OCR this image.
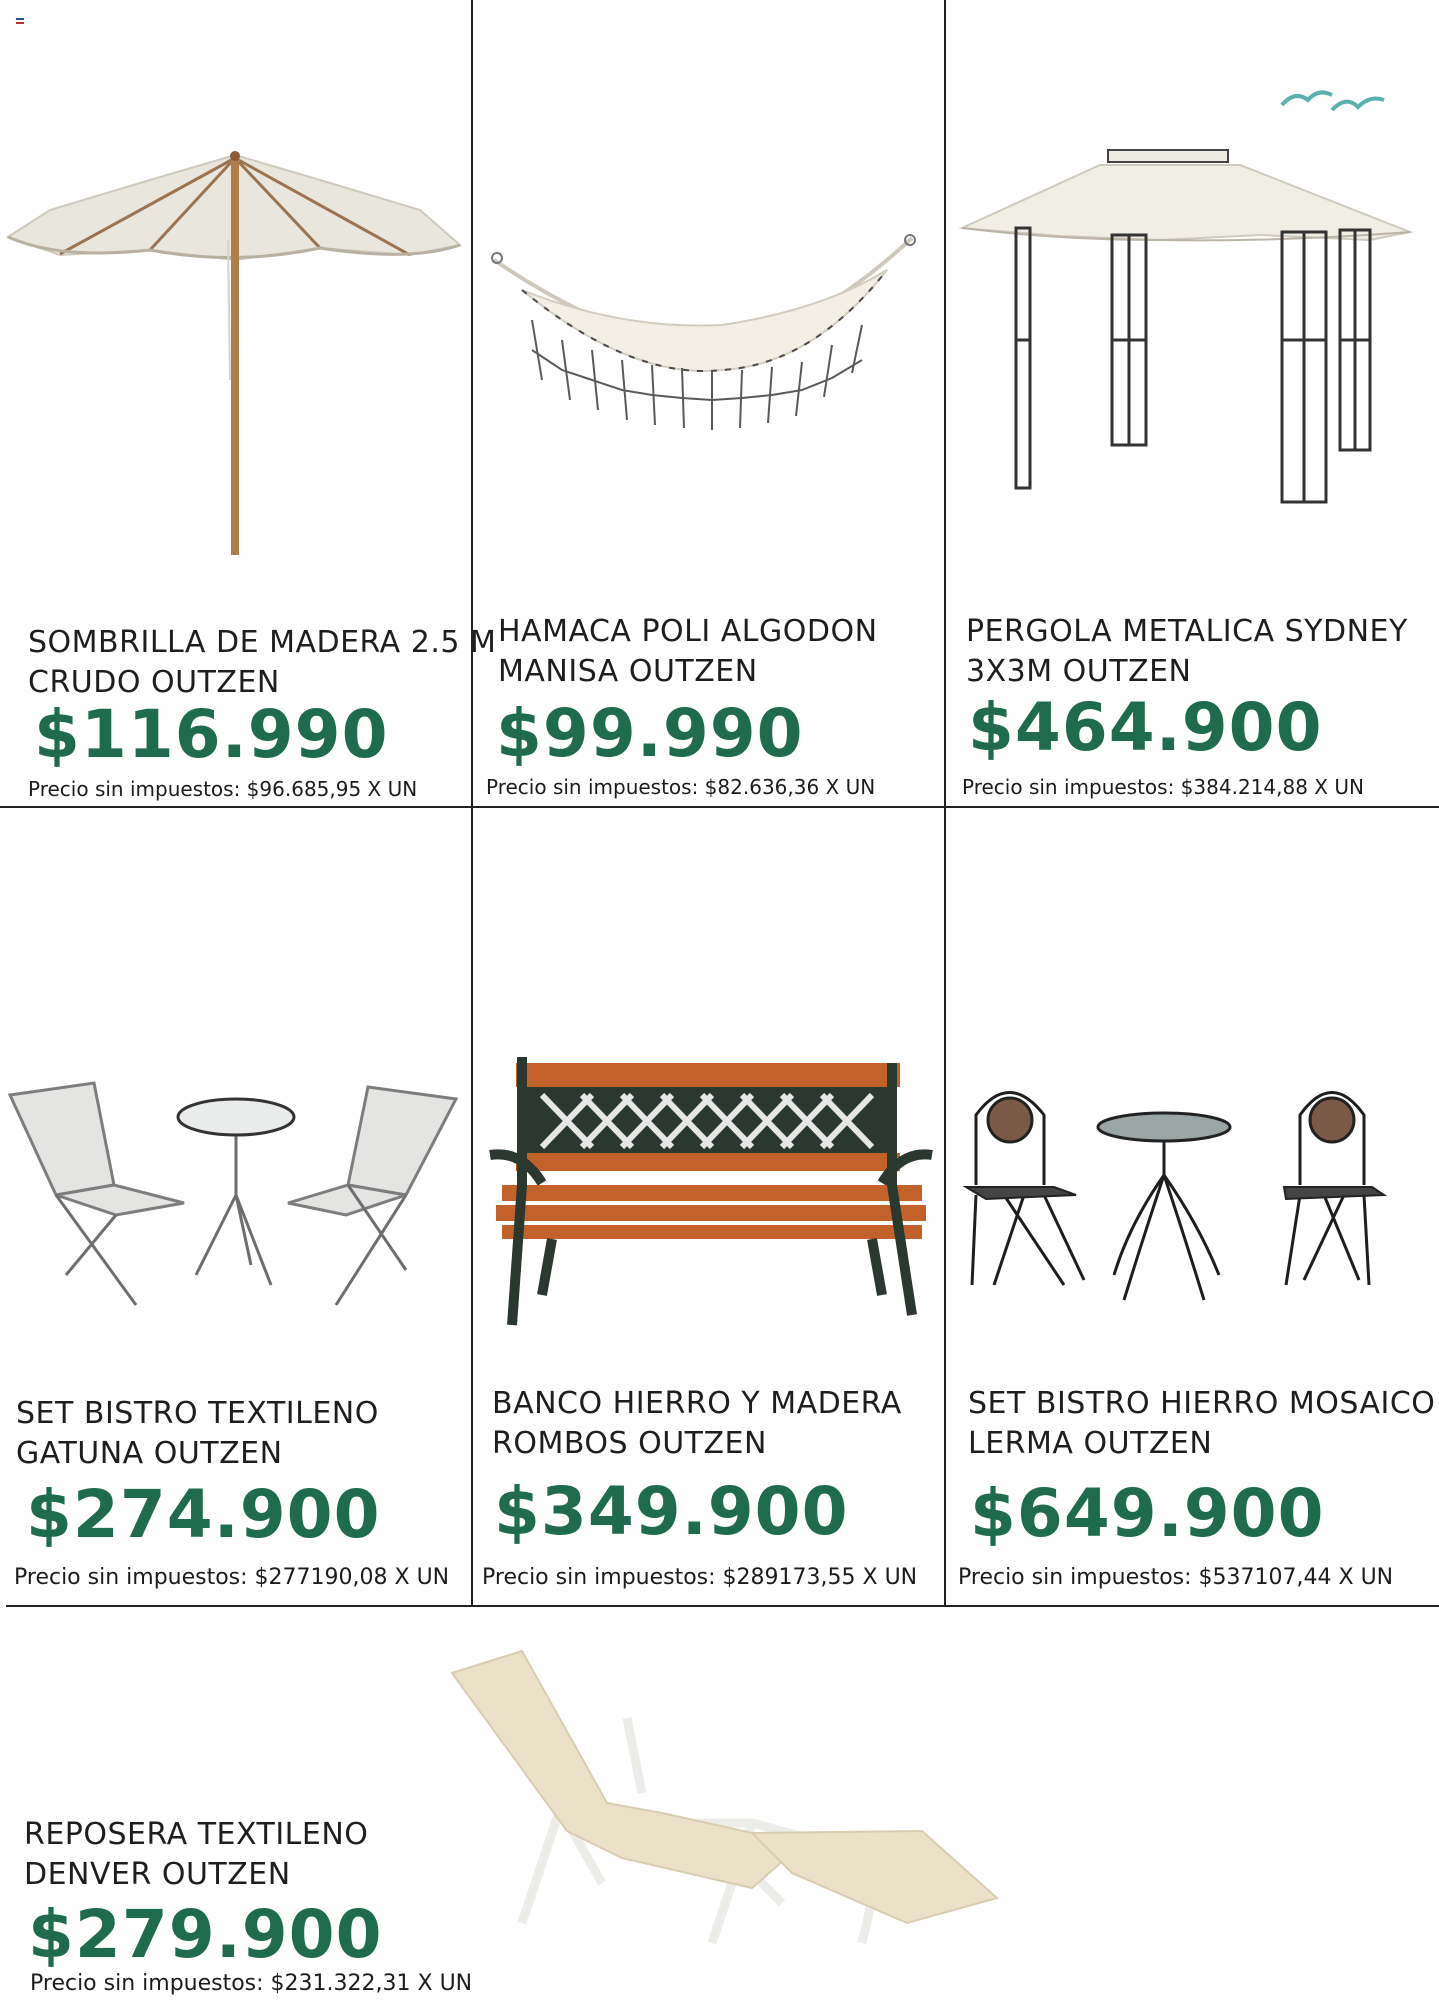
SOMBRILLA DE MADERA 2.5 M
CRUDO OUTZEN
$116.990
Precio sin impuestos: $96.685,95 X UN
HAMACA POLI ALGODON
MANISA OUTZEN
$99.990
Precio sin impuestos: $82.636,36 X UN
PERGOLA METALICA SYDNEY
3X3M OUTZEN
$464.900
Precio sin impuestos: $384.214,88 X UN
SET BISTRO TEXTILENO
GATUNA OUTZEN
$274.900
Precio sin impuestos: $277190,08 X UN
BANCO HIERRO Y MADERA
ROMBOS OUTZEN
$349.900
Precio sin impuestos: $289173,55 X UN
SET BISTRO HIERRO MOSAICO
LERMA OUTZEN
$649.900
Precio sin impuestos: $537107,44 X UN
REPOSERA TEXTILENO
DENVER OUTZEN
$279.900
Precio sin impuestos: $231.322,31 X UN
